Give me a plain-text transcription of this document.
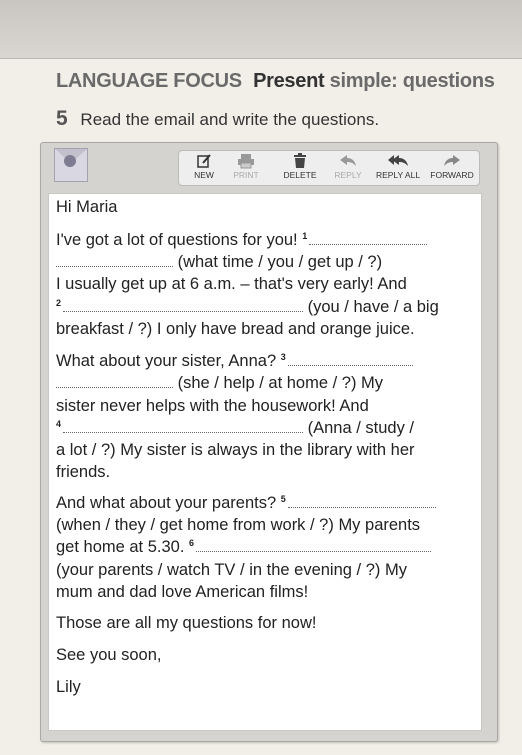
LANGUAGE FOCUS Present simple: questions
5 Read the email and write the questions.
NEW	PRINT	DELETE	REPLY	REPLY ALL	FORWARD
Hi Maria
I've got a lot of questions for you! $^1$
(what time / you / get up / ?)
I usually get up at 6 a.m. – that's very early! And
$^2$	(you / have / a big
breakfast / ?) I only have bread and orange juice.
What about your sister, Anna? $^3$
(she / help / at home / ?) My
sister never helps with the housework! And
$^4$	(Anna / study /
a lot / ?) My sister is always in the library with her
friends.
And what about your parents? $^5$
(when / they / get home from work / ?) My parents
get home at 5.30. $^6$
(your parents / watch TV / in the evening / ?) My
mum and dad love American films!
Those are all my questions for now!
See you soon,
Lily
